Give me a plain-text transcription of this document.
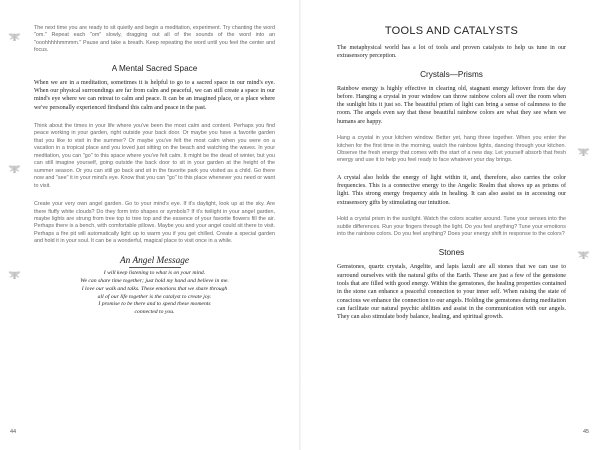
The next time you are ready to sit quietly and begin a meditation, experiment. Try chanting the word "om." Repeat each "om" slowly, dragging out all of the sounds of the word into an "ooohhhhhmmmm." Pause and take a breath. Keep repeating the word until you feel the center and focus.

A Mental Sacred Space

When we are in a meditation, sometimes it is helpful to go to a sacred space in our mind's eye. When our physical surroundings are far from calm and peaceful, we can still create a space in our mind's eye where we can retreat to calm and peace. It can be an imagined place, or a place where we've personally experienced firsthand this calm and peace in the past.

Think about the times in your life where you've been the most calm and content. Perhaps you find peace working in your garden, right outside your back door. Or maybe you have a favorite garden that you like to visit in the summer? Or maybe you've felt the most calm when you were on a vacation in a tropical place and you loved just sitting on the beach and watching the waves. In your meditation, you can "go" to this space where you've felt calm. It might be the dead of winter, but you can still imagine yourself, going outside the back door to sit in your garden at the height of the summer season. Or you can still go back and sit in the favorite park you visited as a child. Go there now and "see" it in your mind's eye. Know that you can "go" to this place whenever you need or want to visit.

Create your very own angel garden. Go to your mind's eye. If it's daylight, look up at the sky. Are there fluffy white clouds? Do they form into shapes or symbols? If it's twilight in your angel garden, maybe lights are strung from tree top to tree top and the essence of your favorite flowers fill the air. Perhaps there is a bench, with comfortable pillows. Maybe you and your angel could sit there to visit. Perhaps a fire pit will automatically light up to warm you if you get chilled. Create a special garden and hold it in your soul. It can be a wonderful, magical place to visit once in a while.

An Angel Message

I will keep listening to what is on your mind.

We can share time together; just hold my hand and believe in me.

I love our walk and talks. These emotions that we share through

all of our life together is the catalyst to create joy.

I promise to be there and to spend these moments

connected to you.

44

TOOLS AND CATALYSTS

The metaphysical world has a lot of tools and proven catalysts to help us tune in our extrasensory perception.

Crystals—Prisms

Rainbow energy is highly effective in clearing old, stagnant energy leftover from the day before. Hanging a crystal in your window can throw rainbow colors all over the room when the sunlight hits it just so. The beautiful prism of light can bring a sense of calmness to the room. The angels even say that these beautiful rainbow colors are what they see when we humans are happy.

Hang a crystal in your kitchen window. Better yet, hang three together. When you enter the kitchen for the first time in the morning, watch the rainbow lights, dancing through your kitchen. Observe the fresh energy that comes with the start of a new day. Let yourself absorb that fresh energy and use it to help you feel ready to face whatever your day brings.

A crystal also holds the energy of light within it, and, therefore, also carries the color frequencies. This is a connective energy to the Angelic Realm that shows up as prisms of light. This strong energy frequency aids in healing. It can also assist us in accessing our extrasensory gifts by stimulating our intuition.

Hold a crystal prism in the sunlight. Watch the colors scatter around. Tune your senses into the subtle differences. Run your fingers through the light. Do you feel anything? Tune your emotions into the rainbow colors. Do you feel anything? Does your energy shift in response to the colors?

Stones

Gemstones, quartz crystals, Angelite, and lapis lazuli are all stones that we can use to surround ourselves with the natural gifts of the Earth. These are just a few of the gemstone tools that are filled with good energy. Within the gemstones, the healing properties contained in the stone can enhance a peaceful connection to your inner self. When raising the state of conscious we enhance the connection to our angels. Holding the gemstones during meditation can facilitate our natural psychic abilities and assist in the communication with our angels. They can also stimulate body balance, healing, and spiritual growth.

45
